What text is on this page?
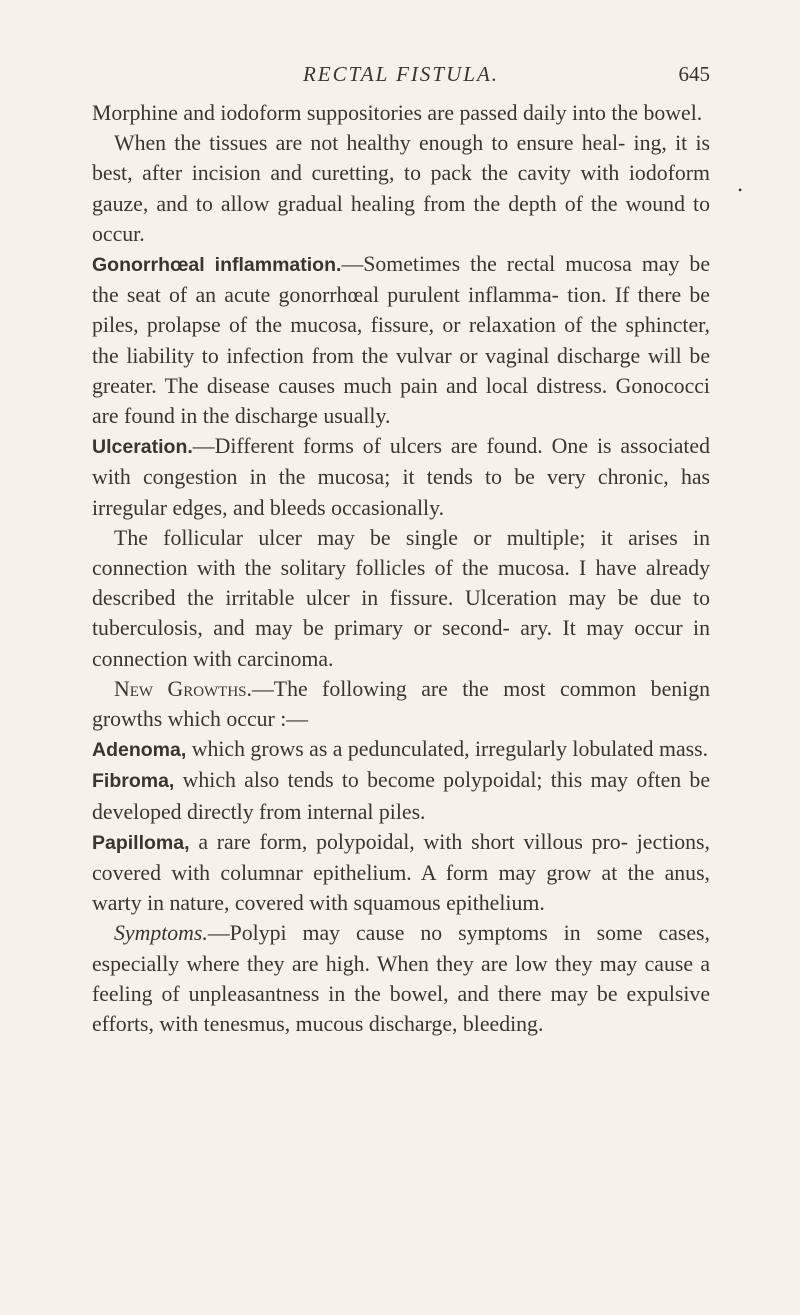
RECTAL FISTULA.	645
•

Morphine and iodoform suppositories are passed daily into the bowel.

When the tissues are not healthy enough to ensure heal- ing, it is best, after incision and curetting, to pack the cavity with iodoform gauze, and to allow gradual healing from the depth of the wound to occur.

Gonorrhœal inflammation.—Sometimes the rectal mucosa may be the seat of an acute gonorrhœal purulent inflamma- tion. If there be piles, prolapse of the mucosa, fissure, or relaxation of the sphincter, the liability to infection from the vulvar or vaginal discharge will be greater. The disease causes much pain and local distress. Gonococci are found in the discharge usually.

Ulceration.—Different forms of ulcers are found. One is associated with congestion in the mucosa; it tends to be very chronic, has irregular edges, and bleeds occasionally.

The follicular ulcer may be single or multiple; it arises in connection with the solitary follicles of the mucosa. I have already described the irritable ulcer in fissure. Ulceration may be due to tuberculosis, and may be primary or second- ary. It may occur in connection with carcinoma.

New Growths.—The following are the most common benign growths which occur :—

Adenoma, which grows as a pedunculated, irregularly lobulated mass.

Fibroma, which also tends to become polypoidal; this may often be developed directly from internal piles.

Papilloma, a rare form, polypoidal, with short villous pro- jections, covered with columnar epithelium. A form may grow at the anus, warty in nature, covered with squamous epithelium.

Symptoms.—Polypi may cause no symptoms in some cases, especially where they are high. When they are low they may cause a feeling of unpleasantness in the bowel, and there may be expulsive efforts, with tenesmus, mucous discharge, bleeding.
